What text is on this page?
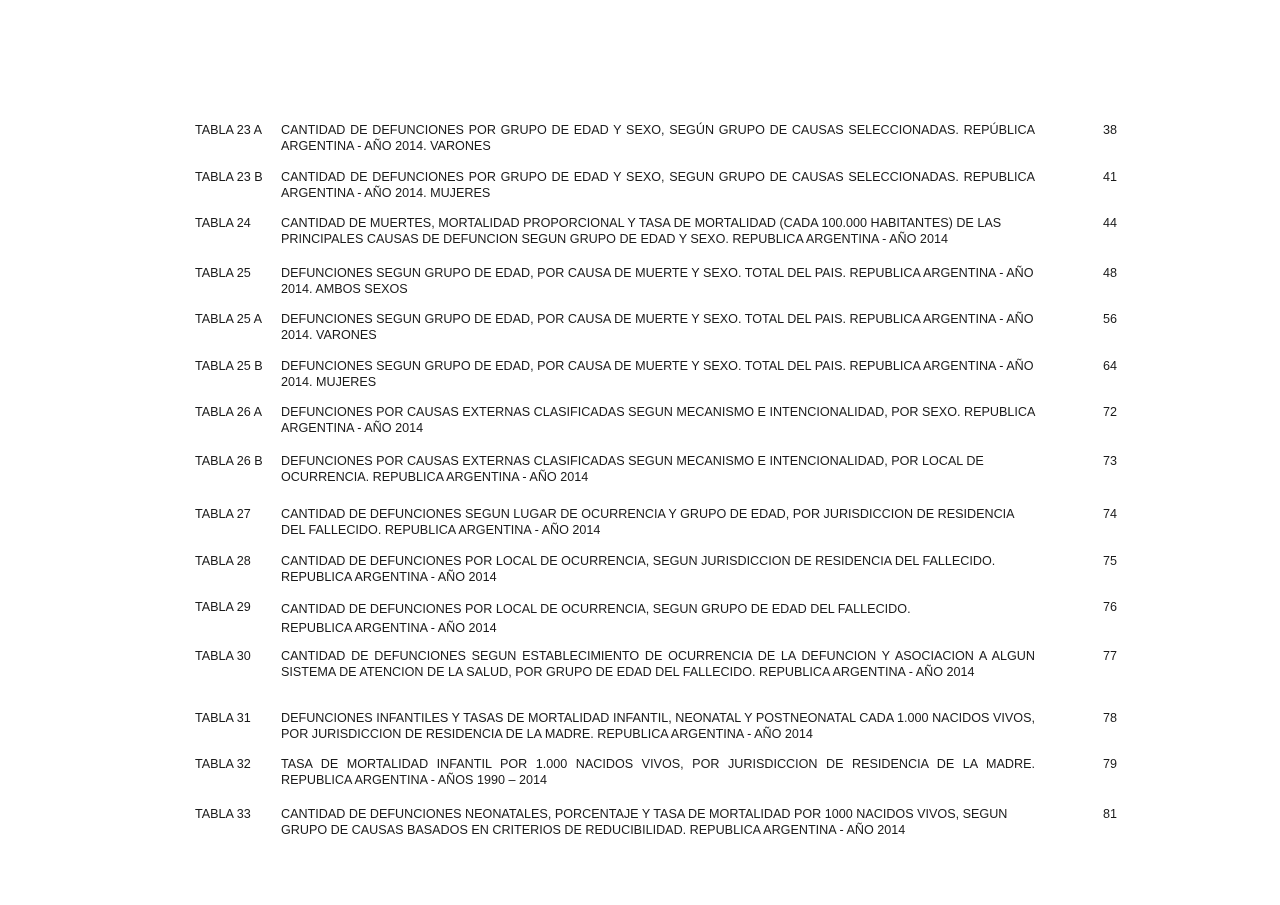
TABLA 23 A	CANTIDAD DE DEFUNCIONES POR GRUPO DE EDAD Y SEXO, SEGÚN GRUPO DE CAUSAS SELECCIONADAS. REPÚBLICA ARGENTINA - AÑO 2014. VARONES
38
TABLA 23 B	CANTIDAD DE DEFUNCIONES POR GRUPO DE EDAD Y SEXO, SEGUN GRUPO DE CAUSAS SELECCIONADAS. REPUBLICA ARGENTINA - AÑO 2014. MUJERES
41
TABLA 24	CANTIDAD DE MUERTES, MORTALIDAD PROPORCIONAL Y TASA DE MORTALIDAD (CADA 100.000 HABITANTES) DE LAS PRINCIPALES CAUSAS DE DEFUNCION SEGUN GRUPO DE EDAD Y SEXO. REPUBLICA ARGENTINA - AÑO 2014
44
TABLA 25	DEFUNCIONES SEGUN GRUPO DE EDAD, POR CAUSA DE MUERTE Y SEXO. TOTAL DEL PAIS. REPUBLICA ARGENTINA - AÑO 2014. AMBOS SEXOS
48
TABLA 25 A	DEFUNCIONES SEGUN GRUPO DE EDAD, POR CAUSA DE MUERTE Y SEXO. TOTAL DEL PAIS. REPUBLICA ARGENTINA - AÑO 2014. VARONES
56
TABLA 25 B	DEFUNCIONES SEGUN GRUPO DE EDAD, POR CAUSA DE MUERTE Y SEXO. TOTAL DEL PAIS. REPUBLICA ARGENTINA - AÑO 2014. MUJERES
64
TABLA 26 A	DEFUNCIONES POR CAUSAS EXTERNAS CLASIFICADAS SEGUN MECANISMO E INTENCIONALIDAD, POR SEXO. REPUBLICA ARGENTINA - AÑO 2014
72
TABLA 26 B	DEFUNCIONES POR CAUSAS EXTERNAS CLASIFICADAS SEGUN MECANISMO E INTENCIONALIDAD, POR LOCAL DE OCURRENCIA. REPUBLICA ARGENTINA - AÑO 2014
73
TABLA 27	CANTIDAD DE DEFUNCIONES SEGUN LUGAR DE OCURRENCIA Y GRUPO DE EDAD, POR JURISDICCION DE RESIDENCIA DEL FALLECIDO. REPUBLICA ARGENTINA - AÑO 2014
74
TABLA 28	CANTIDAD DE DEFUNCIONES POR LOCAL DE OCURRENCIA, SEGUN JURISDICCION DE RESIDENCIA DEL FALLECIDO. REPUBLICA ARGENTINA - AÑO 2014
75
TABLA 29	CANTIDAD DE DEFUNCIONES POR LOCAL DE OCURRENCIA, SEGUN GRUPO DE EDAD DEL FALLECIDO. REPUBLICA ARGENTINA - AÑO 2014
76
TABLA 30	CANTIDAD DE DEFUNCIONES SEGUN ESTABLECIMIENTO DE OCURRENCIA DE LA DEFUNCION Y ASOCIACION A ALGUN SISTEMA DE ATENCION DE LA SALUD, POR GRUPO DE EDAD DEL FALLECIDO. REPUBLICA ARGENTINA - AÑO 2014
77
TABLA 31	DEFUNCIONES INFANTILES Y TASAS DE MORTALIDAD INFANTIL, NEONATAL Y POSTNEONATAL CADA 1.000 NACIDOS VIVOS, POR JURISDICCION DE RESIDENCIA DE LA MADRE. REPUBLICA ARGENTINA - AÑO 2014
78
TABLA 32	TASA DE MORTALIDAD INFANTIL POR 1.000 NACIDOS VIVOS, POR JURISDICCION DE RESIDENCIA DE LA MADRE. REPUBLICA ARGENTINA - AÑOS 1990 – 2014
79
TABLA 33	CANTIDAD DE DEFUNCIONES NEONATALES, PORCENTAJE Y TASA DE MORTALIDAD POR 1000 NACIDOS VIVOS, SEGUN GRUPO DE CAUSAS BASADOS EN CRITERIOS DE REDUCIBILIDAD. REPUBLICA ARGENTINA - AÑO 2014
81
